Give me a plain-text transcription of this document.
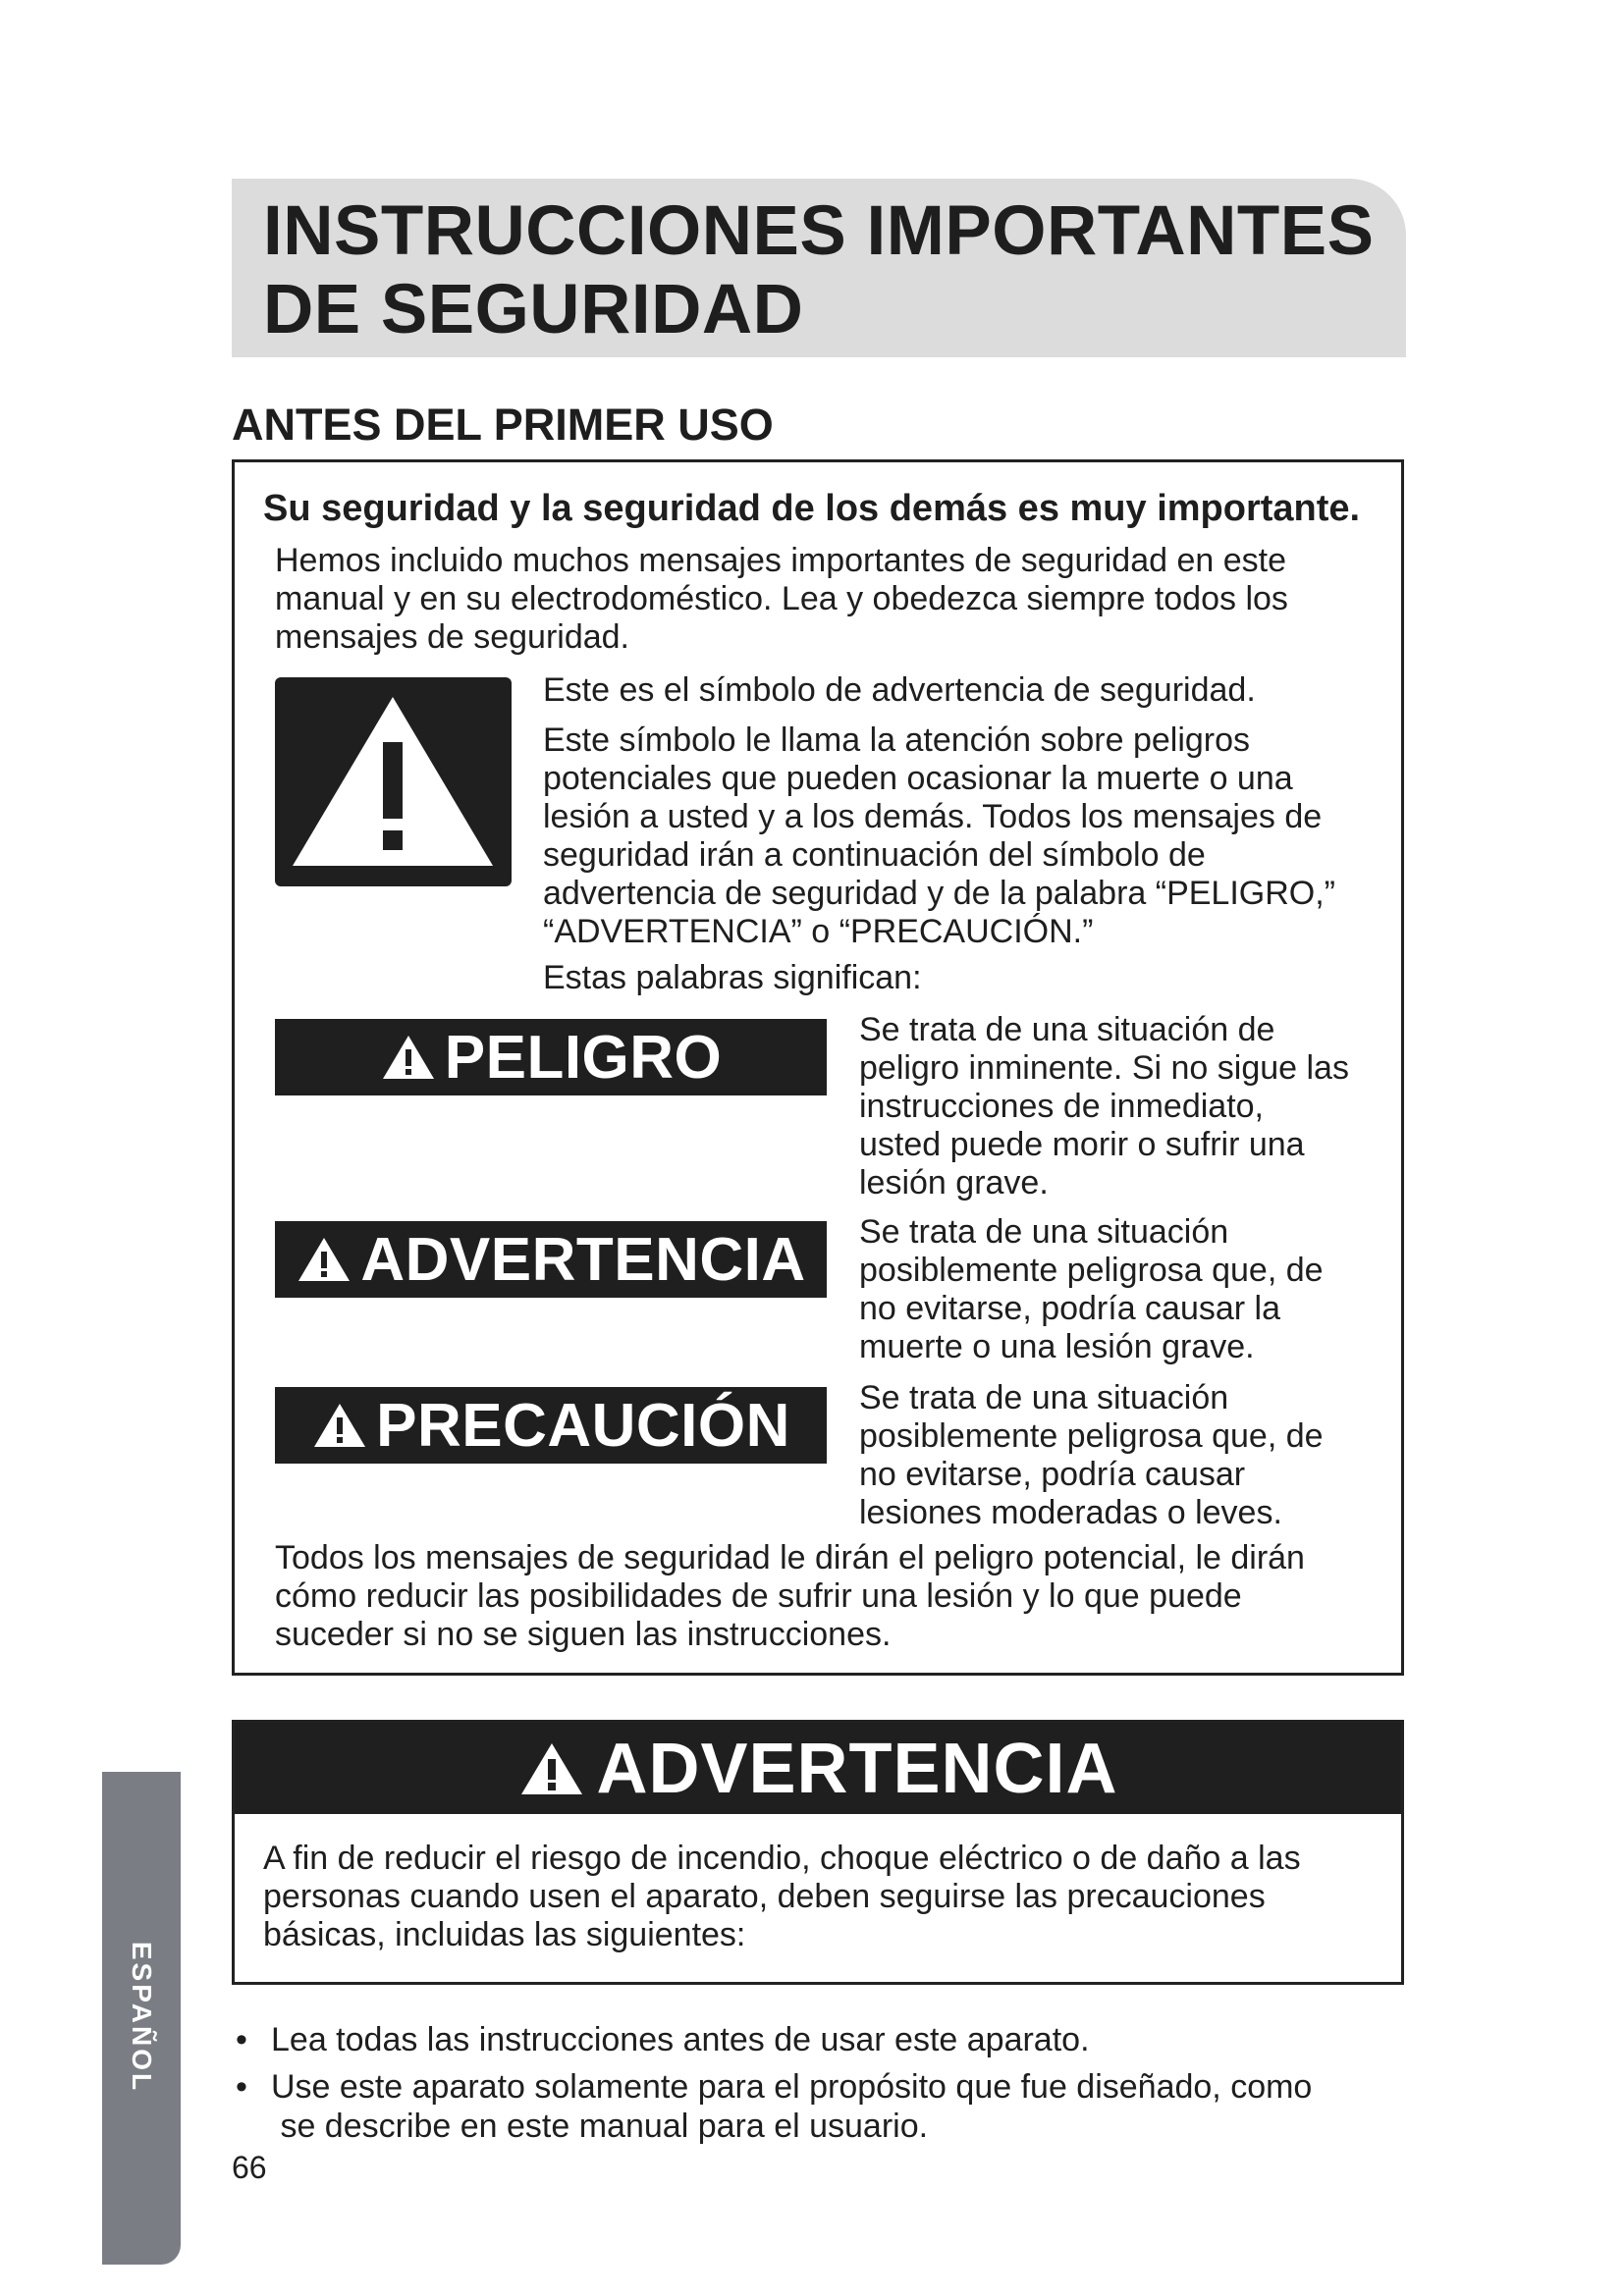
INSTRUCCIONES IMPORTANTES
DE SEGURIDAD
ANTES DEL PRIMER USO
Su seguridad y la seguridad de los demás es muy importante.
Hemos incluido muchos mensajes importantes de seguridad en este
manual y en su electrodoméstico. Lea y obedezca siempre todos los
mensajes de seguridad.
Este es el símbolo de advertencia de seguridad.
Este símbolo le llama la atención sobre peligros
potenciales que pueden ocasionar la muerte o una
lesión a usted y a los demás. Todos los mensajes de
seguridad irán a continuación del símbolo de
advertencia de seguridad y de la palabra “PELIGRO,”
“ADVERTENCIA” o “PRECAUCIÓN.”
Estas palabras significan:
PELIGRO	Se trata de una situación de
peligro inminente. Si no sigue las
instrucciones de inmediato,
usted puede morir o sufrir una
lesión grave.
ADVERTENCIA Se trata de una situación
posiblemente peligrosa que, de
no evitarse, podría causar la
muerte o una lesión grave.
PRECAUCIÓN Se trata de una situación
posiblemente peligrosa que, de
no evitarse, podría causar
lesiones moderadas o leves.
Todos los mensajes de seguridad le dirán el peligro potencial, le dirán
cómo reducir las posibilidades de sufrir una lesión y lo que puede
suceder si no se siguen las instrucciones.
ADVERTENCIA
A fin de reducir el riesgo de incendio, choque eléctrico o de daño a las
personas cuando usen el aparato, deben seguirse las precauciones
básicas, incluidas las siguientes:
• Lea todas las instrucciones antes de usar este aparato.
• Use este aparato solamente para el propósito que fue diseñado, como
se describe en este manual para el usuario.
66
ESPAÑOL
